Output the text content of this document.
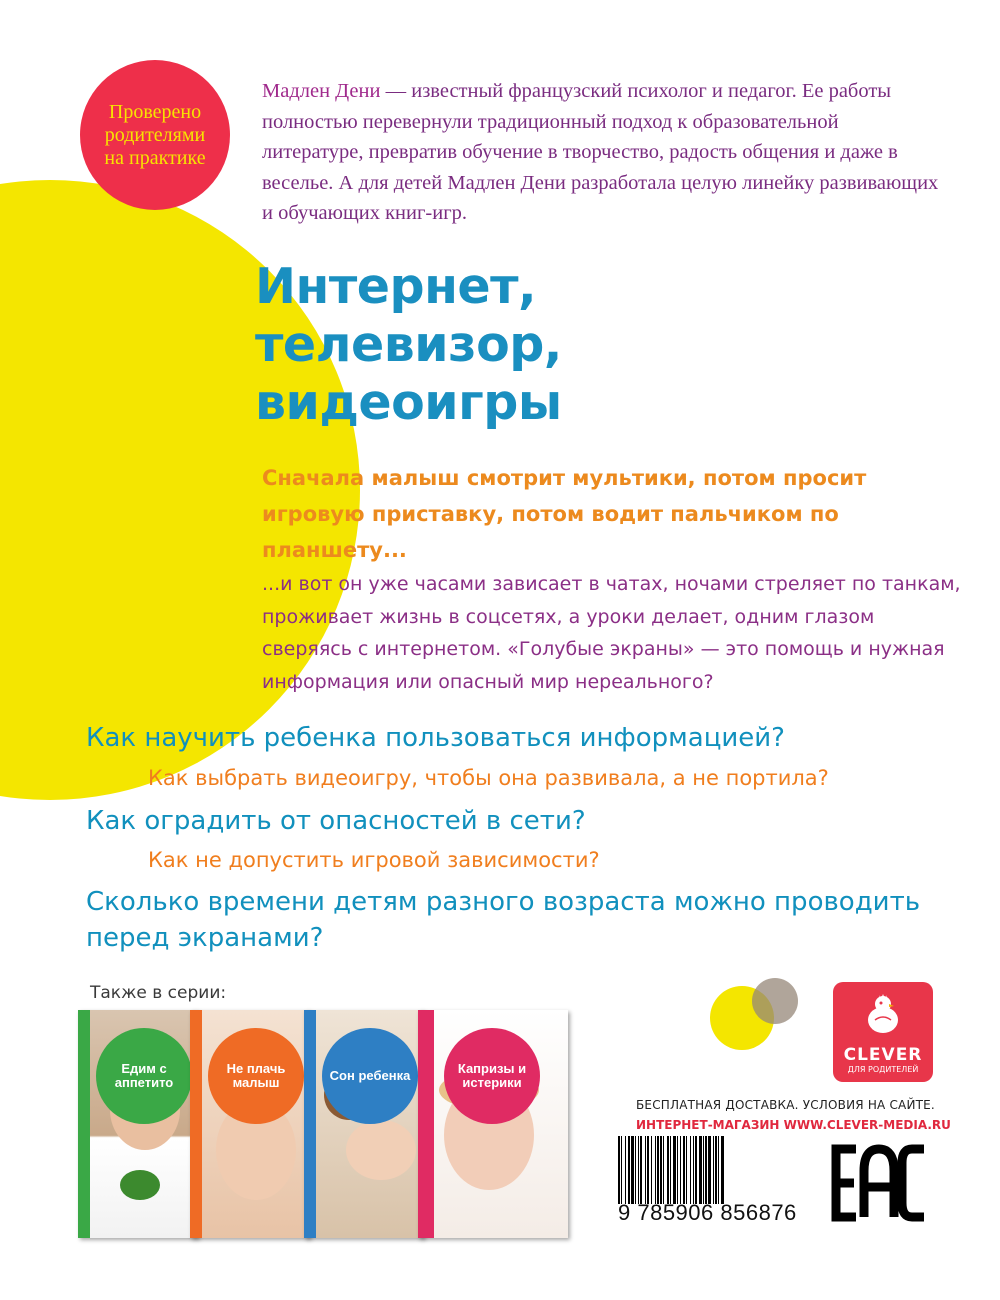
Проверено
родителями
на практике
Мадлен Дени — известный французский психолог и педагог. Ее работы полностью перевернули традиционный подход к образовательной литературе, превратив обучение в творчество, радость общения и даже в веселье. А для детей Мадлен Дени разработала целую линейку развивающих и обучающих книг-игр.
Интернет,
телевизор,
видеоигры
Сначала малыш смотрит мультики, потом просит игровую приставку, потом водит пальчиком по планшету...
...и вот он уже часами зависает в чатах, ночами стреляет по танкам, проживает жизнь в соцсетях, а уроки делает, одним глазом сверяясь с интернетом. «Голубые экраны» — это помощь и нужная информация или опасный мир нереального?
Как научить ребенка пользоваться информацией?
Как выбрать видеоигру, чтобы она развивала, а не портила?
Как оградить от опасностей в сети?
Как не допустить игровой зависимости?
Сколько времени детям разного возраста можно проводить перед экранами?
Также в серии:
Едим с аппетито
Не плачь малыш	Сон ребенка	Капризы и истерики
CLEVER
ДЛЯ РОДИТЕЛЕЙ
БЕСПЛАТНАЯ ДОСТАВКА. УСЛОВИЯ НА САЙТЕ.
ИНТЕРНЕТ-МАГАЗИН WWW.CLEVER-MEDIA.RU
9 785906 856876
